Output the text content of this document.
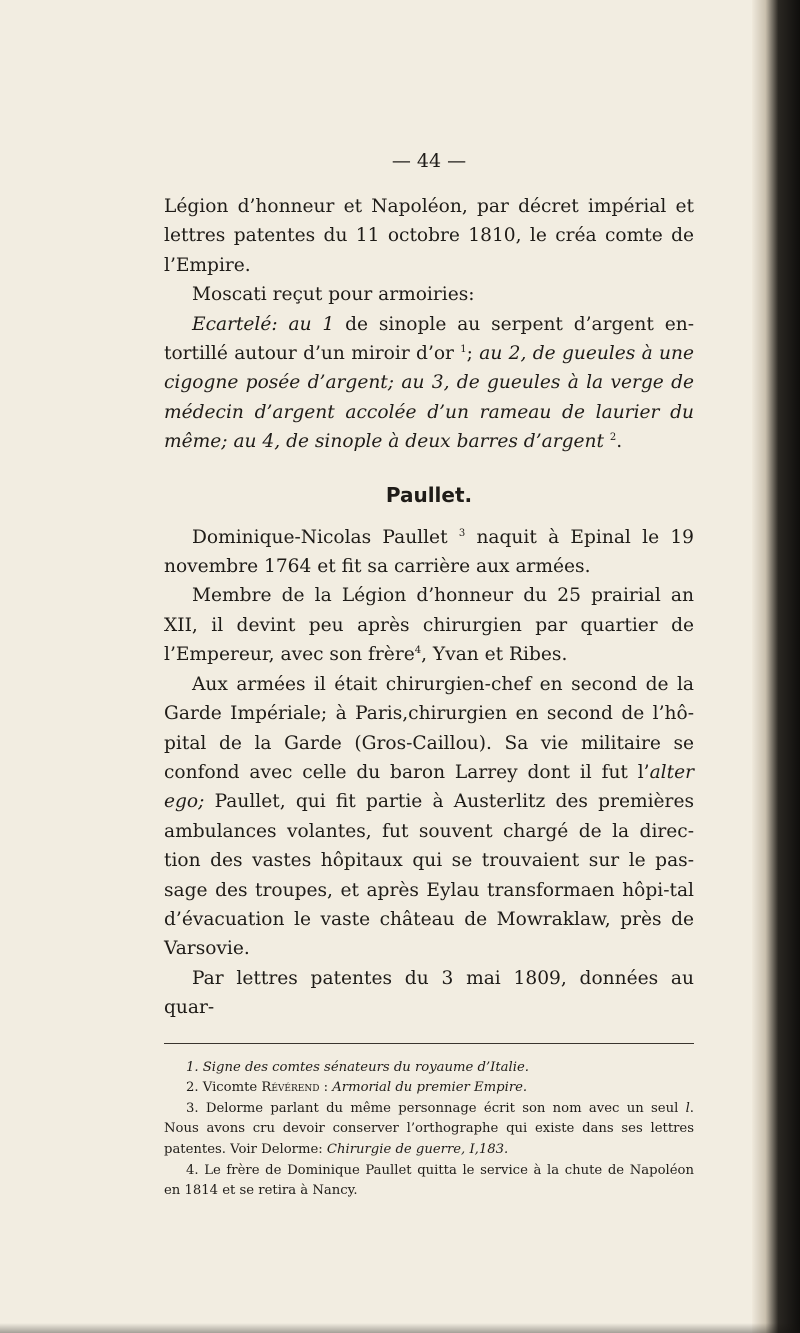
— 44 —

Légion d’honneur et Napoléon, par décret impérial et lettres patentes du 11 octobre 1810, le créa comte de l’Empire.

Moscati reçut pour armoiries:

Ecartelé: au 1 de sinople au serpent d’argent en-tortillé autour d’un miroir d’or $^1$; au 2, de gueules à une cigogne posée d’argent; au 3, de gueules à la verge de médecin d’argent accolée d’un rameau de laurier du même; au 4, de sinople à deux barres d’argent $^2$.

Paullet.

Dominique-Nicolas Paullet $^3$ naquit à Epinal le 19 novembre 1764 et fit sa carrière aux armées.

Membre de la Légion d’honneur du 25 prairial an XII, il devint peu après chirurgien par quartier de l’Empereur, avec son frère$^4$, Yvan et Ribes.

Aux armées il était chirurgien-chef en second de la Garde Impériale; à Paris,chirurgien en second de l’hô-pital de la Garde (Gros-Caillou). Sa vie militaire se confond avec celle du baron Larrey dont il fut l’alter ego; Paullet, qui fit partie à Austerlitz des premières ambulances volantes, fut souvent chargé de la direc-tion des vastes hôpitaux qui se trouvaient sur le pas-sage des troupes, et après Eylau transformaen hôpi-tal d’évacuation le vaste château de Mowraklaw, près de Varsovie.

Par lettres patentes du 3 mai 1809, données au quar-

1. Signe des comtes sénateurs du royaume d’Italie.

2. Vicomte Révérend : Armorial du premier Empire.

3. Delorme parlant du même personnage écrit son nom avec un seul l. Nous avons cru devoir conserver l’orthographe qui existe dans ses lettres patentes. Voir Delorme: Chirurgie de guerre, I,183.

4. Le frère de Dominique Paullet quitta le service à la chute de Napoléon en 1814 et se retira à Nancy.
